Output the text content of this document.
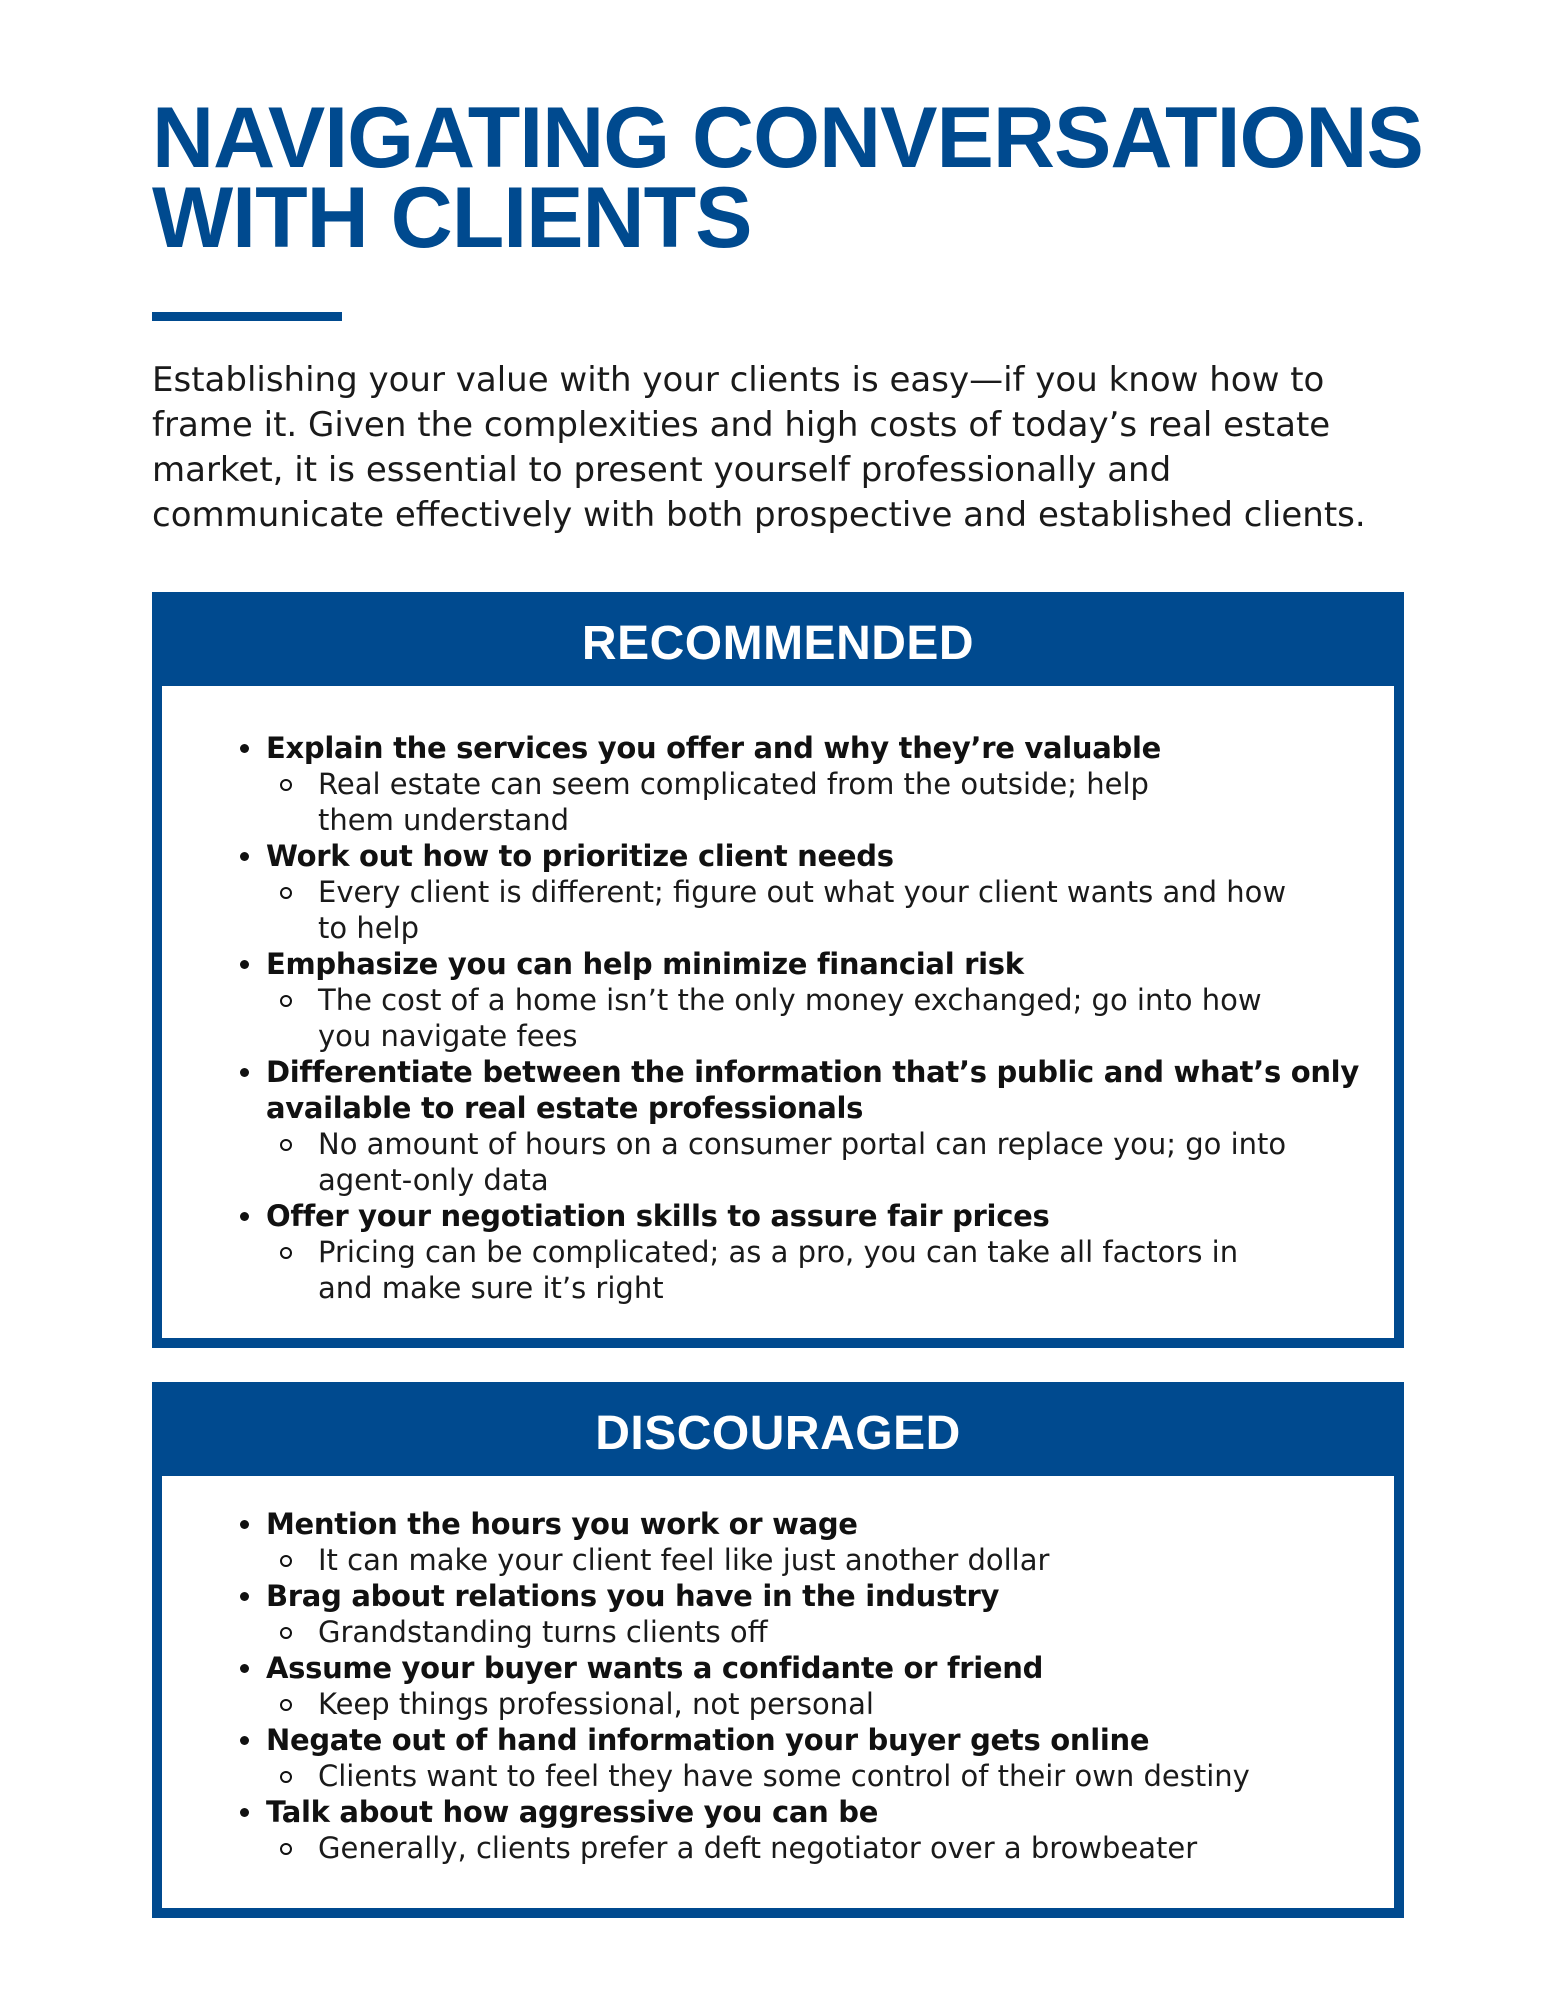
NAVIGATING CONVERSATIONS
WITH CLIENTS

Establishing your value with your clients is easy—if you know how to
frame it. Given the complexities and high costs of today’s real estate
market, it is essential to present yourself professionally and
communicate effectively with both prospective and established clients.

RECOMMENDED
Explain the services you offer and why they’re valuable
Real estate can seem complicated from the outside; help
them understand
Work out how to prioritize client needs
Every client is different; figure out what your client wants and how
to help
Emphasize you can help minimize financial risk
The cost of a home isn’t the only money exchanged; go into how
you navigate fees
Differentiate between the information that’s public and what’s only
available to real estate professionals
No amount of hours on a consumer portal can replace you; go into
agent-only data
Offer your negotiation skills to assure fair prices
Pricing can be complicated; as a pro, you can take all factors in
and make sure it’s right
DISCOURAGED
Mention the hours you work or wage
It can make your client feel like just another dollar
Brag about relations you have in the industry
Grandstanding turns clients off
Assume your buyer wants a confidante or friend
Keep things professional, not personal
Negate out of hand information your buyer gets online
Clients want to feel they have some control of their own destiny
Talk about how aggressive you can be
Generally, clients prefer a deft negotiator over a browbeater
